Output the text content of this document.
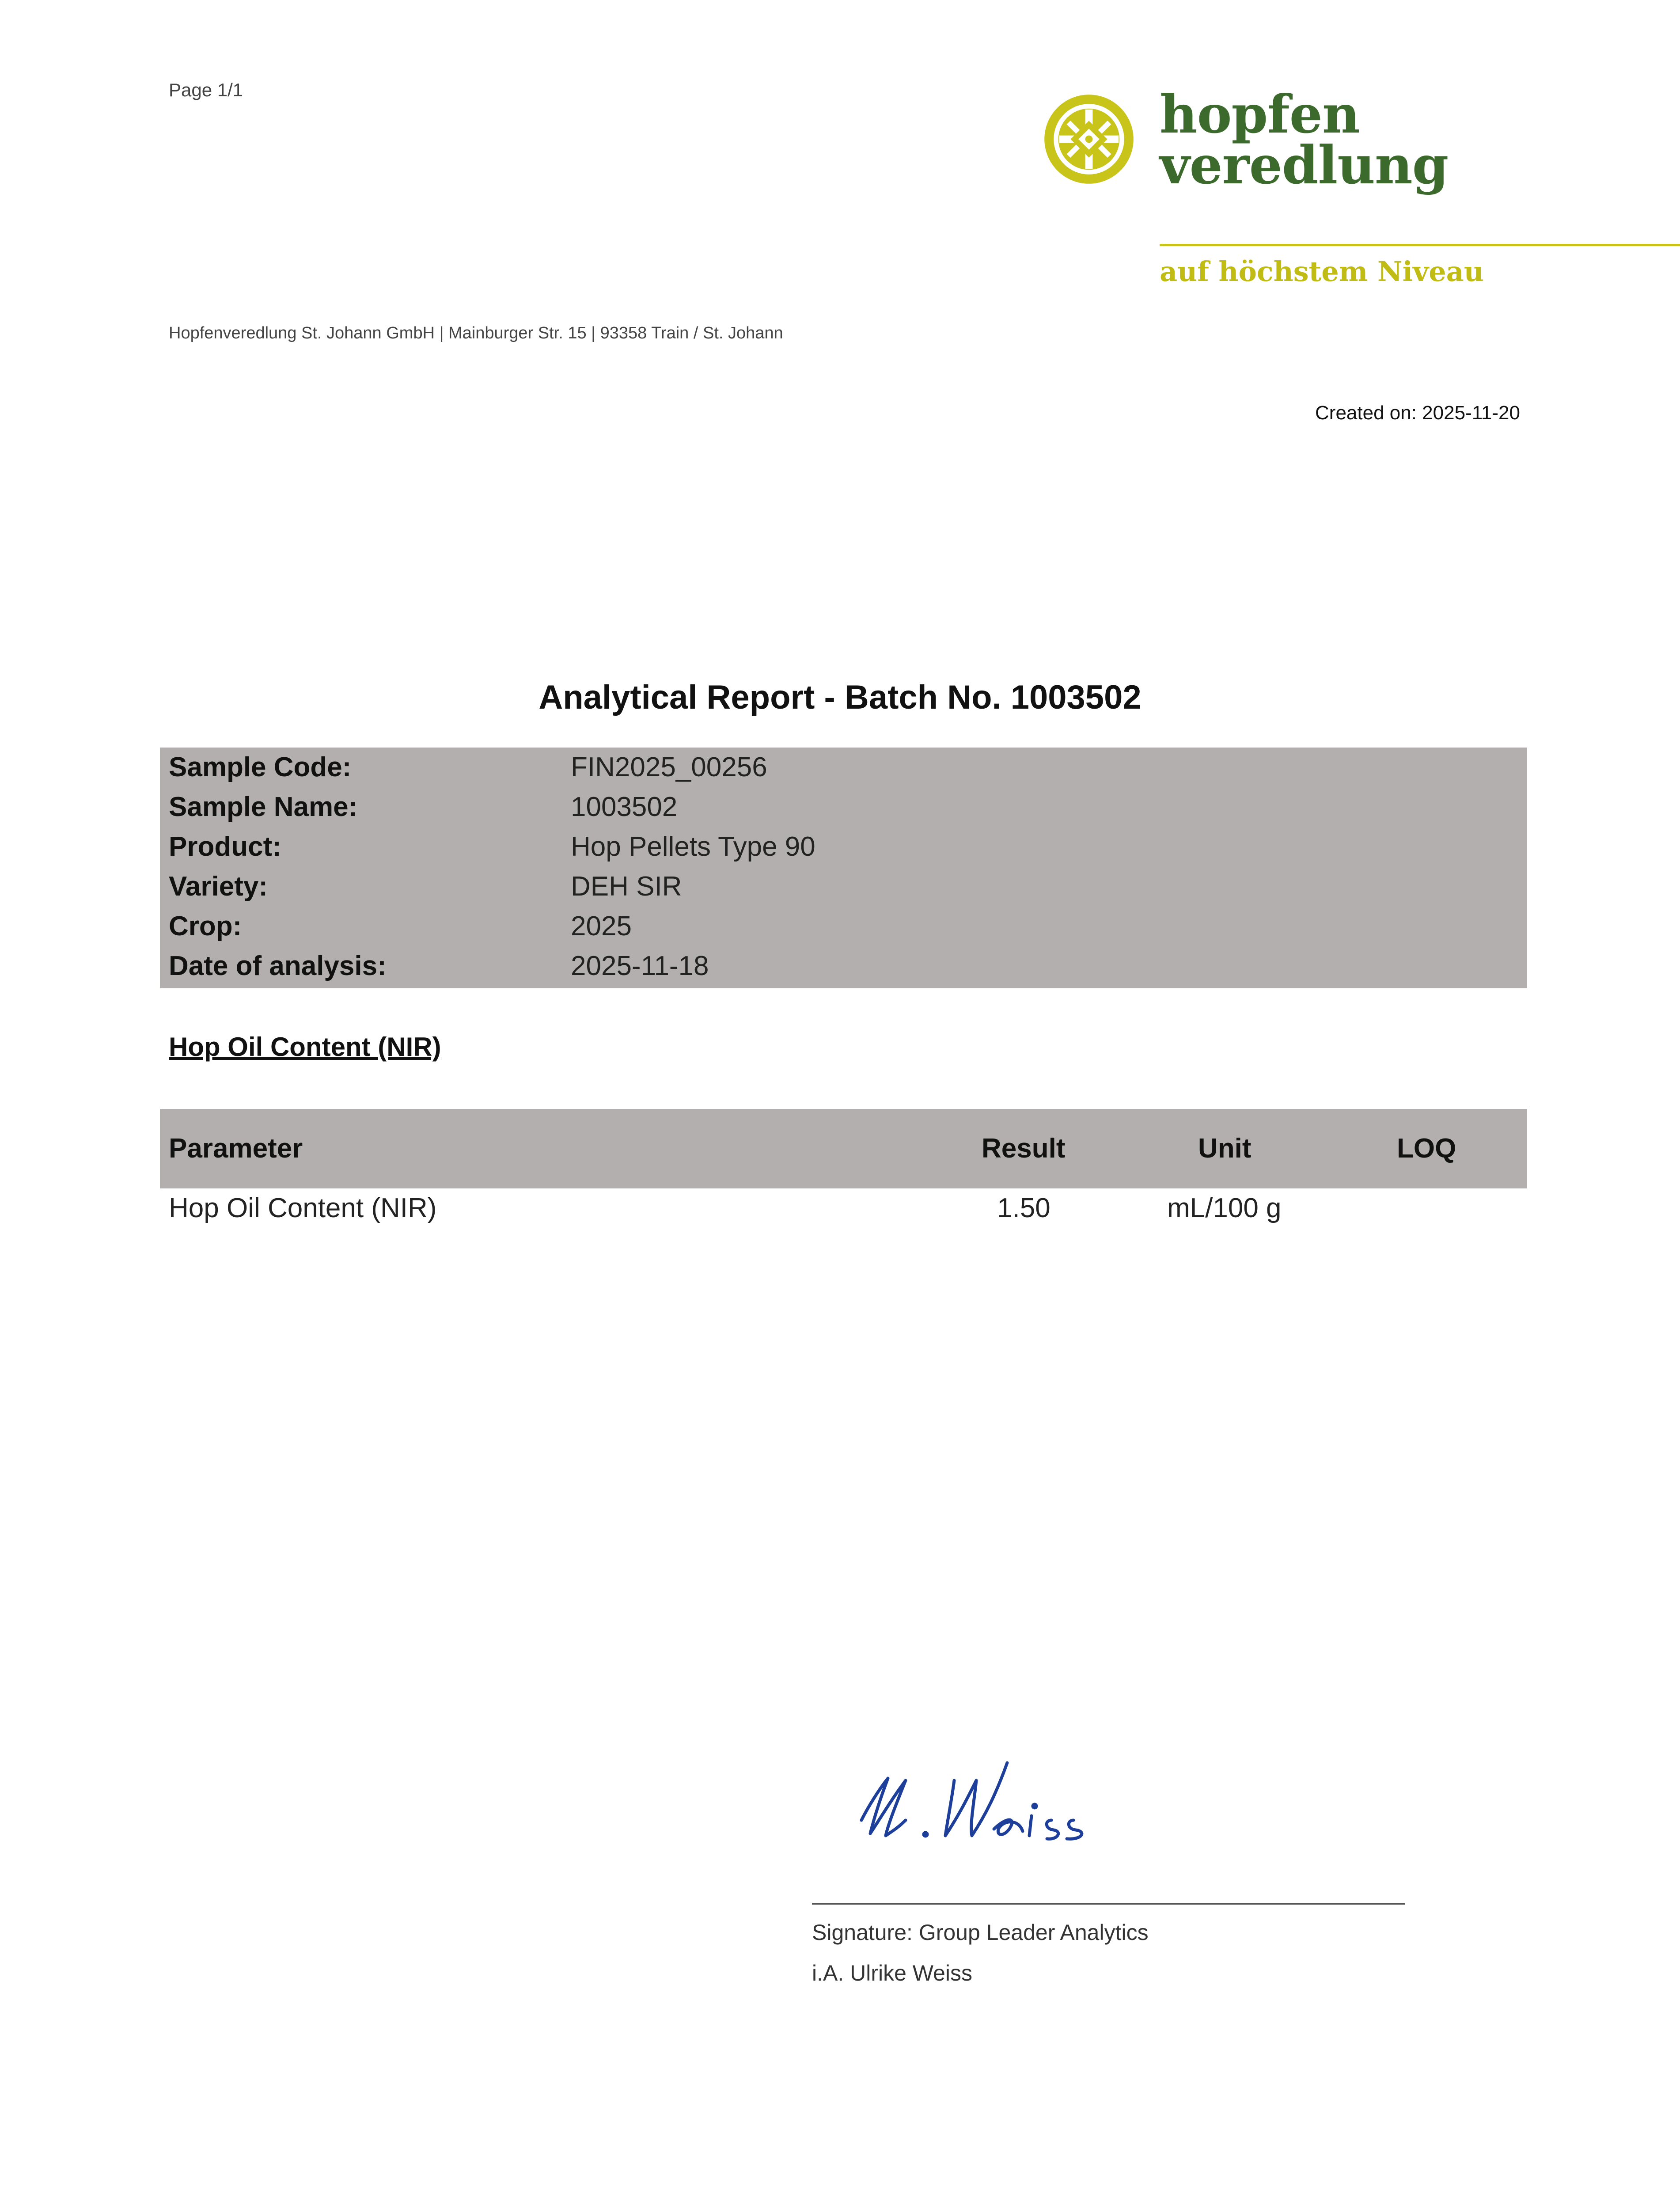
Page 1/1	hopfen
veredlung
auf höchstem Niveau
Hopfenveredlung St. Johann GmbH | Mainburger Str. 15 | 93358 Train / St. Johann
Created on: 2025-11-20
Analytical Report - Batch No. 1003502
Sample Code:	FIN2025_00256
Sample Name:	1003502
Product:	Hop Pellets Type 90
Variety:	DEH SIR
Crop:	2025
Date of analysis:	2025-11-18
Hop Oil Content (NIR)
Parameter	Result	Unit	LOQ
Hop Oil Content (NIR)	1.50	mL/100 g
Signature: Group Leader Analytics
i.A. Ulrike Weiss
